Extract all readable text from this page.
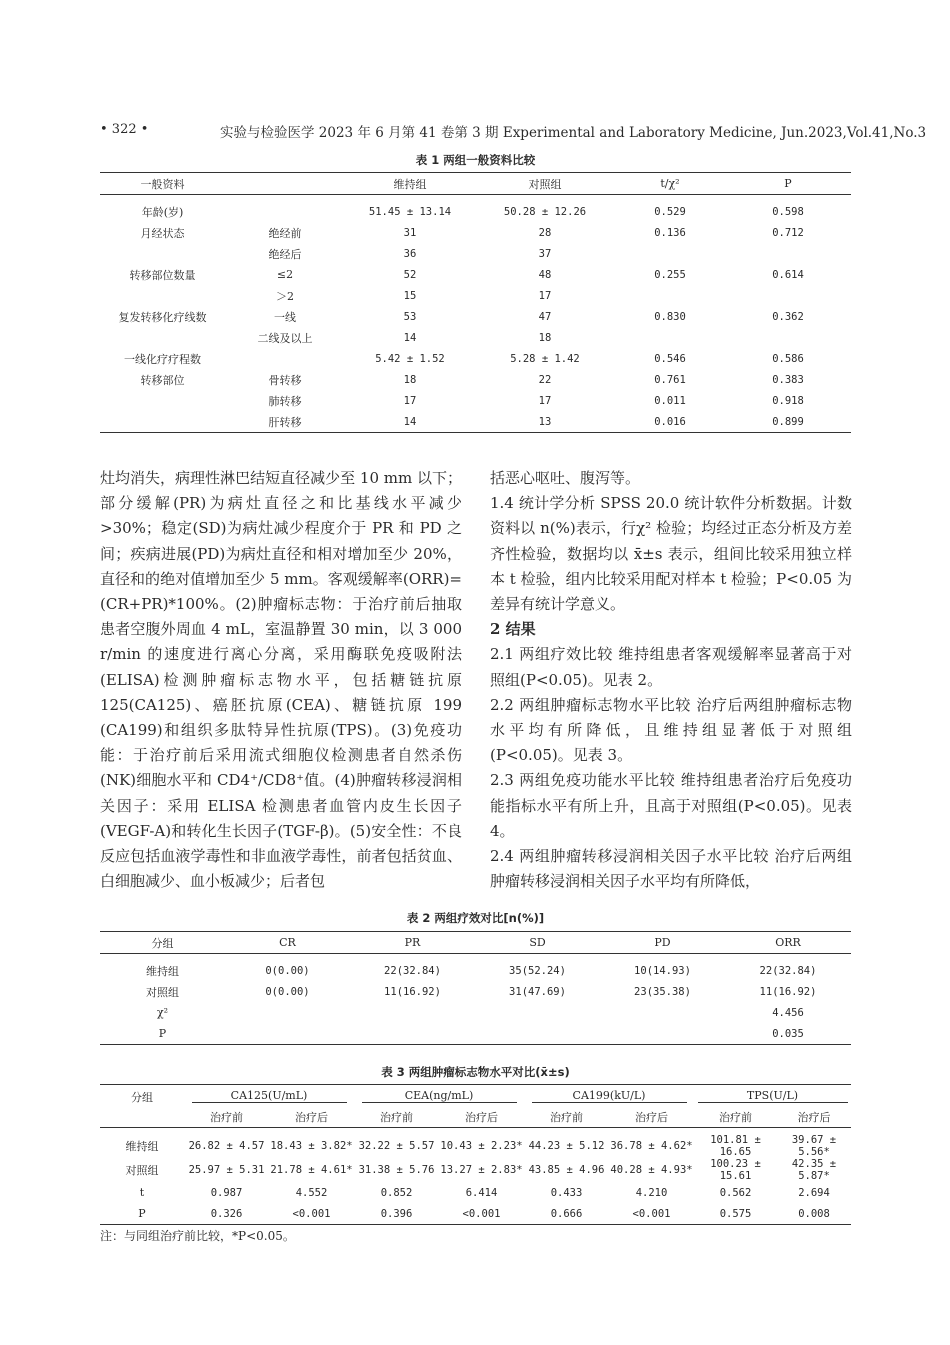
• 322 •	实验与检验医学 2023 年 6 月第 41 卷第 3 期 Experimental and Laboratory Medicine, Jun.2023,Vol.41,No.3
表 1 两组一般资料比较
一般资料		维持组	对照组	t/χ²	P
年龄(岁)		51.45 ± 13.14	50.28 ± 12.26	0.529	0.598
月经状态	绝经前	31	28	0.136	0.712
	绝经后	36	37		
转移部位数量	≤2	52	48	0.255	0.614
	＞2	15	17		
复发转移化疗线数	一线	53	47	0.830	0.362
	二线及以上	14	18		
一线化疗疗程数		5.42 ± 1.52	5.28 ± 1.42	0.546	0.586
转移部位	骨转移	18	22	0.761	0.383
	肺转移	17	17	0.011	0.918
	肝转移	14	13	0.016	0.899

灶均消失，病理性淋巴结短直径减少至 10 mm 以下；部分缓解(PR)为病灶直径之和比基线水平减少>30%；稳定(SD)为病灶减少程度介于 PR 和 PD 之间；疾病进展(PD)为病灶直径和相对增加至少 20%，直径和的绝对值增加至少 5 mm。客观缓解率(ORR)=(CR+PR)*100%。(2)肿瘤标志物：于治疗前后抽取患者空腹外周血 4 mL，室温静置 30 min，以 3 000 r/min 的速度进行离心分离，采用酶联免疫吸附法(ELISA)检测肿瘤标志物水平，包括糖链抗原 125(CA125)、癌胚抗原(CEA)、糖链抗原 199 (CA199)和组织多肽特异性抗原(TPS)。(3)免疫功能：于治疗前后采用流式细胞仪检测患者自然杀伤(NK)细胞水平和 CD4⁺/CD8⁺值。(4)肿瘤转移浸润相关因子：采用 ELISA 检测患者血管内皮生长因子(VEGF-A)和转化生长因子(TGF-β)。(5)安全性：不良反应包括血液学毒性和非血液学毒性，前者包括贫血、白细胞减少、血小板减少；后者包

括恶心呕吐、腹泻等。

1.4 统计学分析 SPSS 20.0 统计软件分析数据。计数资料以 n(%)表示，行χ² 检验；均经过正态分析及方差齐性检验，数据均以 x̄±s 表示，组间比较采用独立样本 t 检验，组内比较采用配对样本 t 检验；P<0.05 为差异有统计学意义。

2 结果

2.1 两组疗效比较 维持组患者客观缓解率显著高于对照组(P<0.05)。见表 2。

2.2 两组肿瘤标志物水平比较 治疗后两组肿瘤标志物水平均有所降低，且维持组显著低于对照组(P<0.05)。见表 3。

2.3 两组免疫功能水平比较 维持组患者治疗后免疫功能指标水平有所上升，且高于对照组(P<0.05)。见表 4。

2.4 两组肿瘤转移浸润相关因子水平比较 治疗后两组肿瘤转移浸润相关因子水平均有所降低，

表 2 两组疗效对比[n(%)]
分组	CR	PR	SD	PD	ORR
维持组	0(0.00)	22(32.84)	35(52.24)	10(14.93)	22(32.84)
对照组	0(0.00)	11(16.92)	31(47.69)	23(35.38)	11(16.92)
χ²					4.456
P					0.035
表 3 两组肿瘤标志物水平对比(x̄±s)
分组	CA125(U/mL)		CEA(ng/mL)		CA199(kU/L)		TPS(U/L)	
	治疗前	治疗后	治疗前	治疗后	治疗前	治疗后	治疗前	治疗后
维持组	26.82 ± 4.57	18.43 ± 3.82*	32.22 ± 5.57	10.43 ± 2.23*	44.23 ± 5.12	36.78 ± 4.62*	101.81 ± 16.65	39.67 ± 5.56*
对照组	25.97 ± 5.31	21.78 ± 4.61*	31.38 ± 5.76	13.27 ± 2.83*	43.85 ± 4.96	40.28 ± 4.93*	100.23 ± 15.61	42.35 ± 5.87*
t	0.987	4.552	0.852	6.414	0.433	4.210	0.562	2.694
P	0.326	<0.001	0.396	<0.001	0.666	<0.001	0.575	0.008
注：与同组治疗前比较，*P<0.05。
